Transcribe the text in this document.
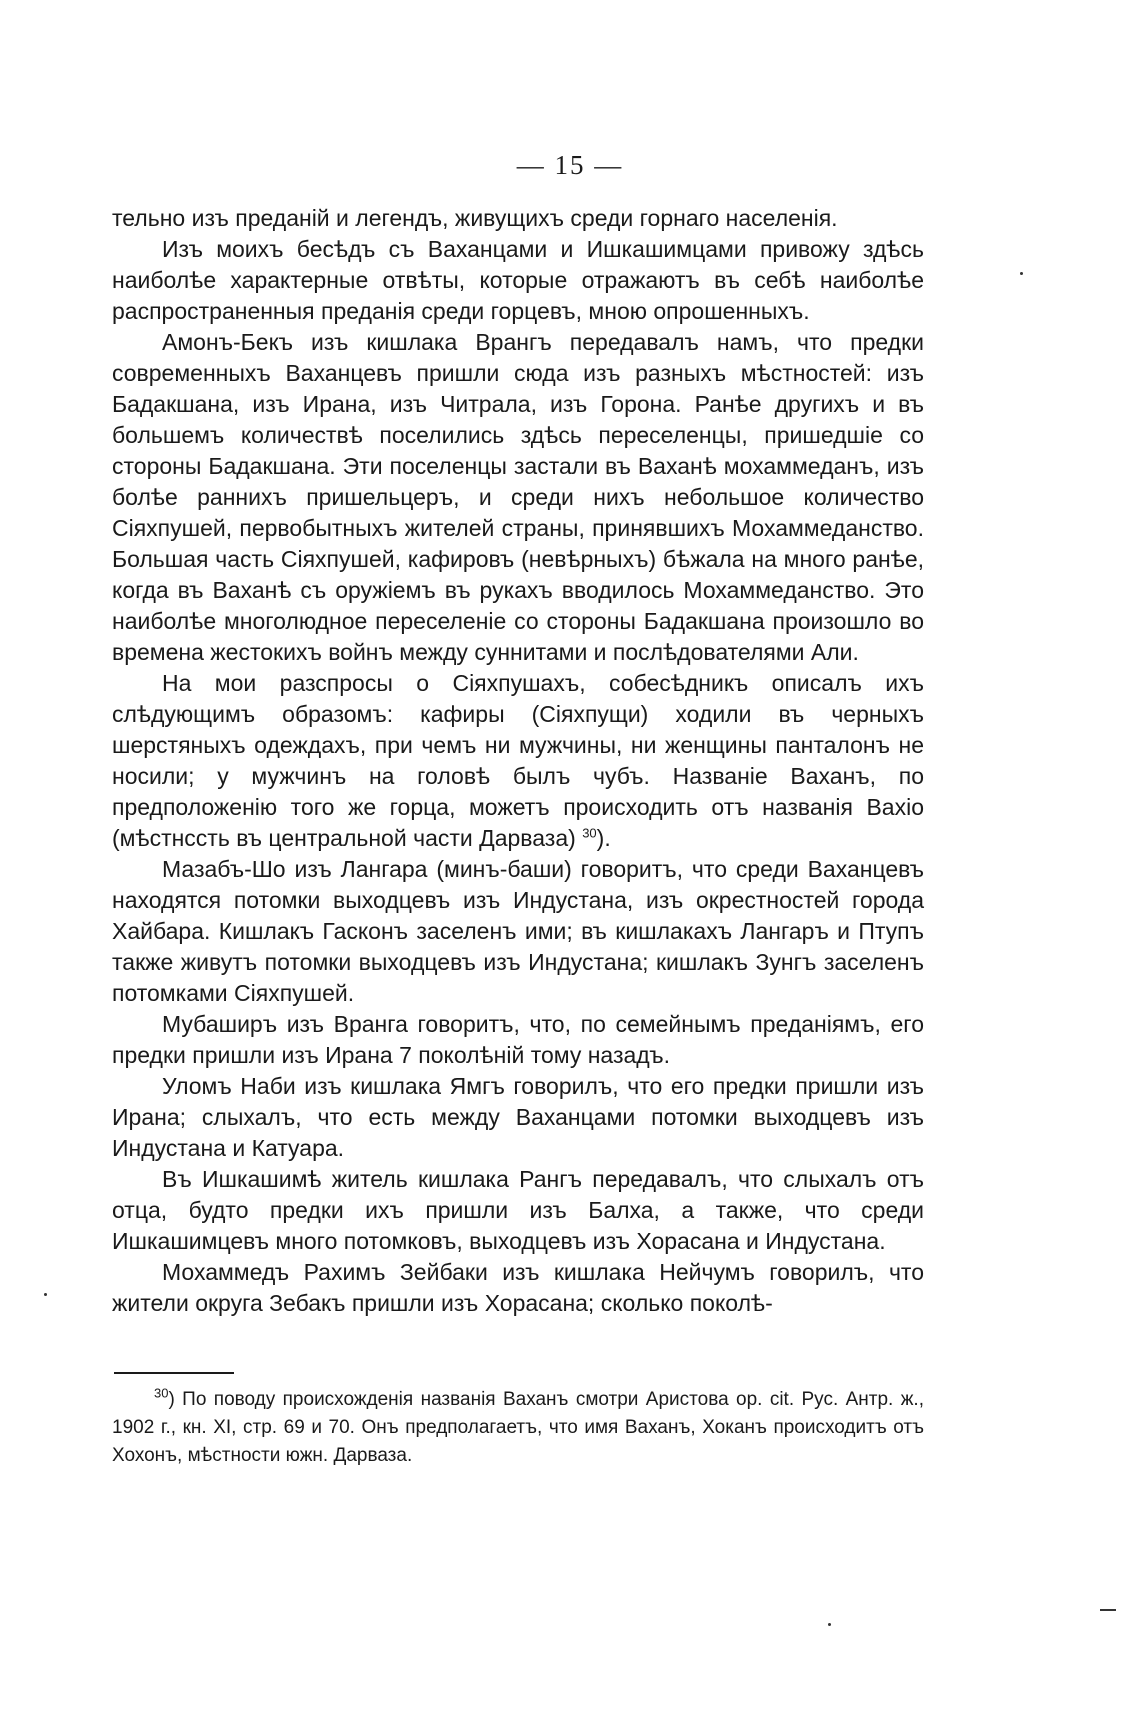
— 15 —

тельно изъ преданій и легендъ, живущихъ среди горнаго населенія.

Изъ моихъ бесѣдъ съ Ваханцами и Ишкашимцами привожу здѣсь наиболѣе характерные отвѣты, которые отражаютъ въ себѣ наиболѣе распространенныя преданія среди горцевъ, мною опрошенныхъ.

Амонъ-Бекъ изъ кишлака Врангъ передавалъ намъ, что предки современныхъ Ваханцевъ пришли сюда изъ разныхъ мѣстностей: изъ Бадакшана, изъ Ирана, изъ Читрала, изъ Горона. Ранѣе другихъ и въ большемъ количествѣ поселились здѣсь переселенцы, пришедшіе со стороны Бадакшана. Эти поселенцы застали въ Ваханѣ мохаммеданъ, изъ болѣе раннихъ пришельцеръ, и среди нихъ небольшое количество Сіяхпушей, первобытныхъ жителей страны, принявшихъ Мохаммеданство. Большая часть Сіяхпушей, кафировъ (невѣрныхъ) бѣжала на много ранѣе, когда въ Ваханѣ съ оружіемъ въ рукахъ вводилось Мохаммеданство. Это наиболѣе многолюдное переселеніе со стороны Бадакшана произошло во времена жестокихъ войнъ между суннитами и послѣдователями Али.

На мои разспросы о Сіяхпушахъ, собесѣдникъ описалъ ихъ слѣдующимъ образомъ: кафиры (Сіяхпущи) ходили въ черныхъ шерстяныхъ одеждахъ, при чемъ ни мужчины, ни женщины панталонъ не носили; у мужчинъ на головѣ былъ чубъ. Названіе Ваханъ, по предположенію того же горца, можетъ происходить отъ названія Вахіо (мѣстнссть въ центральной части Дарваза) $^{30}$).

Мазабъ-Шо изъ Лангара (минъ-баши) говоритъ, что среди Ваханцевъ находятся потомки выходцевъ изъ Индустана, изъ окрестностей города Хайбара. Кишлакъ Гасконъ заселенъ ими; въ кишлакахъ Лангаръ и Птупъ также живутъ потомки выходцевъ изъ Индустана; кишлакъ Зунгъ заселенъ потомками Сіяхпушей.

Мубаширъ изъ Вранга говоритъ, что, по семейнымъ преданіямъ, его предки пришли изъ Ирана 7 поколѣній тому назадъ.

Уломъ Наби изъ кишлака Ямгъ говорилъ, что его предки пришли изъ Ирана; слыхалъ, что есть между Ваханцами потомки выходцевъ изъ Индустана и Катуара.

Въ Ишкашимѣ житель кишлака Рангъ передавалъ, что слыхалъ отъ отца, будто предки ихъ пришли изъ Балха, а также, что среди Ишкашимцевъ много потомковъ, выходцевъ изъ Хорасана и Индустана.

Мохаммедъ Рахимъ Зейбаки изъ кишлака Нейчумъ говорилъ, что жители округа Зебакъ пришли изъ Хорасана; сколько поколѣ-

$^{30}$) По поводу происхожденія названія Ваханъ смотри Аристова op. cit. Рус. Антр. ж., 1902 г., кн. XI, стр. 69 и 70. Онъ предполагаетъ, что имя Ваханъ, Хоканъ происходитъ отъ Хохонъ, мѣстности южн. Дарваза.
